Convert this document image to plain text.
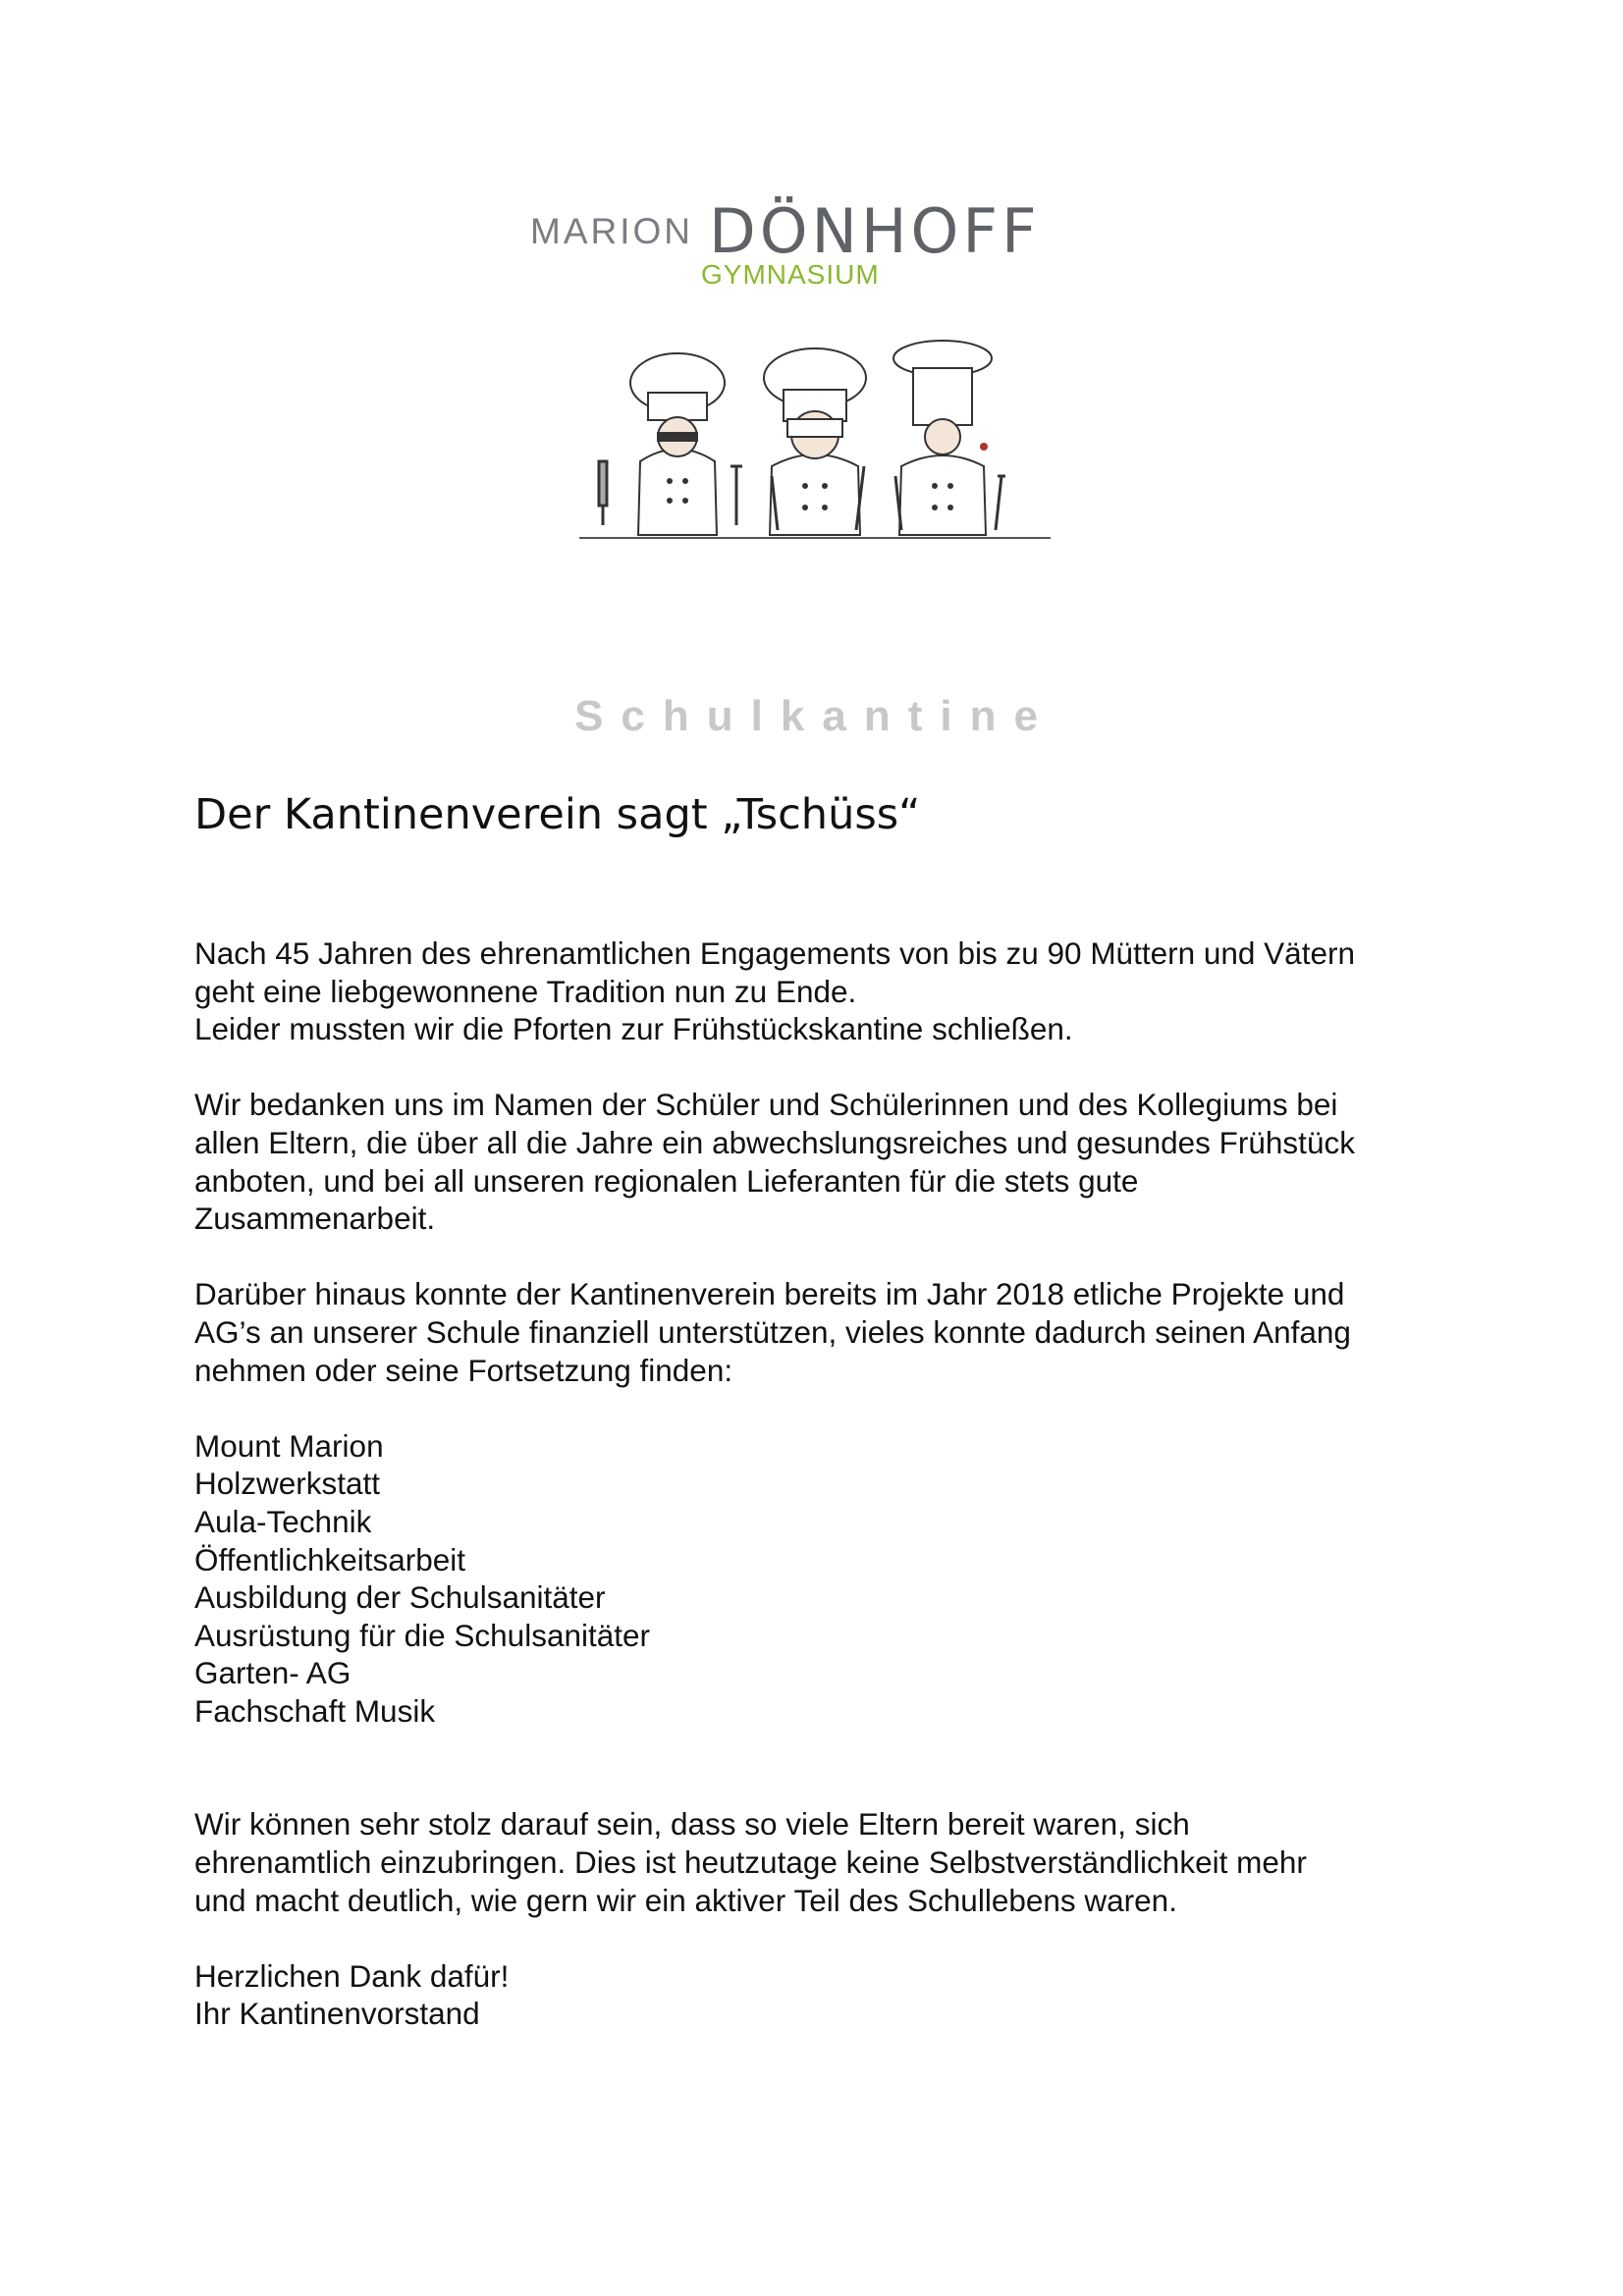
MARION DÖNHOFF
GYMNASIUM
Schulkantine
Der Kantinenverein sagt „Tschüss“

Nach 45 Jahren des ehrenamtlichen Engagements von bis zu 90 Müttern und Vätern
geht eine liebgewonnene Tradition nun zu Ende.
Leider mussten wir die Pforten zur Frühstückskantine schließen.

Wir bedanken uns im Namen der Schüler und Schülerinnen und des Kollegiums bei
allen Eltern, die über all die Jahre ein abwechslungsreiches und gesundes Frühstück
anboten, und bei all unseren regionalen Lieferanten für die stets gute
Zusammenarbeit.

Darüber hinaus konnte der Kantinenverein bereits im Jahr 2018 etliche Projekte und
AG’s an unserer Schule finanziell unterstützen, vieles konnte dadurch seinen Anfang
nehmen oder seine Fortsetzung finden:

Mount Marion
Holzwerkstatt
Aula-Technik
Öffentlichkeitsarbeit
Ausbildung der Schulsanitäter
Ausrüstung für die Schulsanitäter
Garten- AG
Fachschaft Musik

Wir können sehr stolz darauf sein, dass so viele Eltern bereit waren, sich
ehrenamtlich einzubringen. Dies ist heutzutage keine Selbstverständlichkeit mehr
und macht deutlich, wie gern wir ein aktiver Teil des Schullebens waren.

Herzlichen Dank dafür!

Ihr Kantinenvorstand
